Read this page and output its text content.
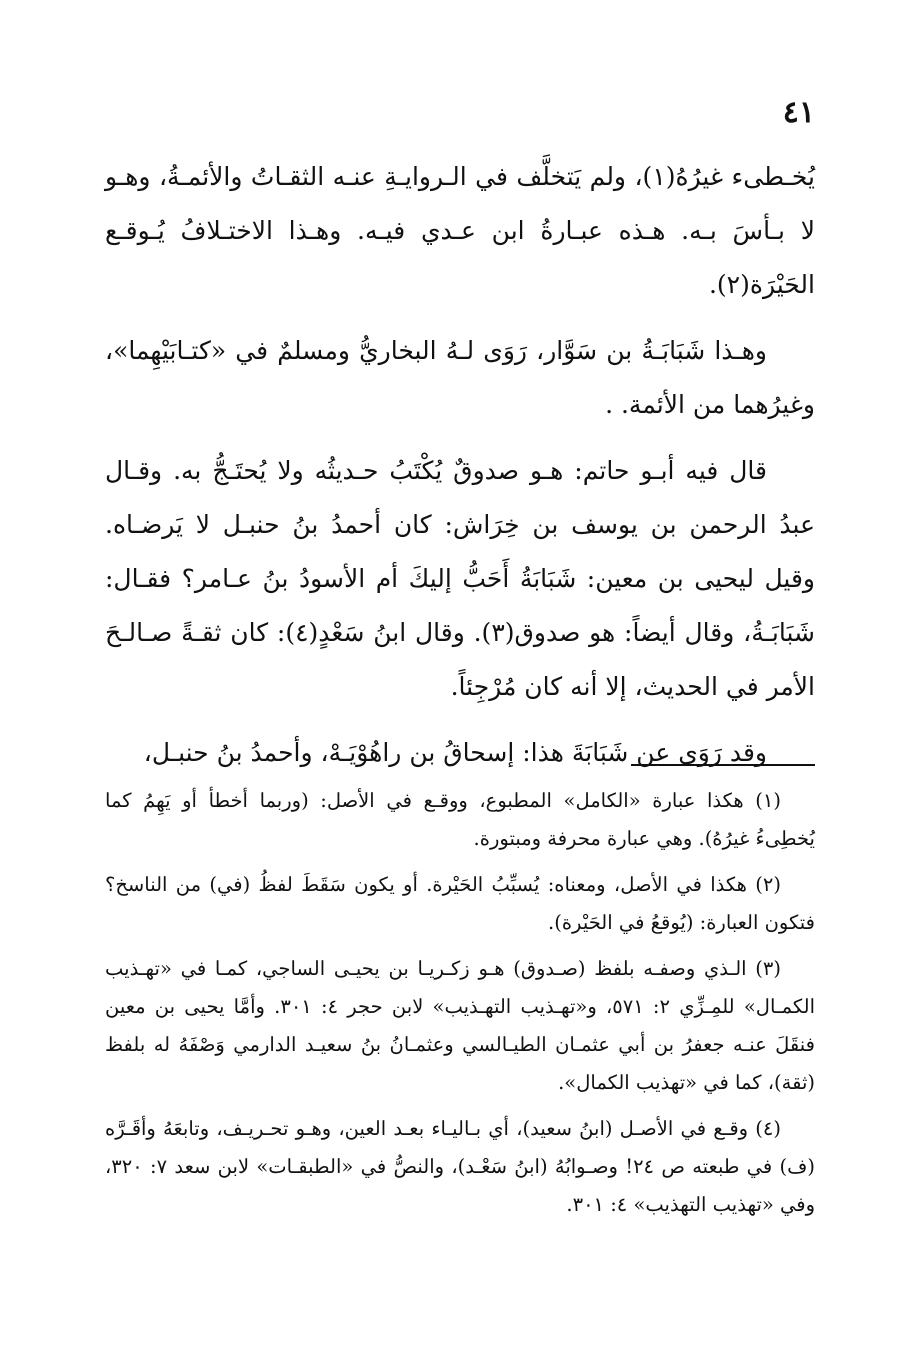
٤١

يُخـطىء غيرُهُ(١)، ولم يَتخلَّف في الـروايـةِ عنـه الثقـاتُ والأئمـةُ، وهـو لا بـأسَ بـه. هـذه عبـارةُ ابن عـدي فيـه. وهـذا الاختـلافُ يُـوقـع الحَيْرَة(٢).

وهـذا شَبَابَـةُ بن سَوَّار، رَوَى لـهُ البخاريُّ ومسلمٌ في «كتـابَيْهِما»، وغيرُهما من الأئمة. .

قال فيه أبـو حاتم: هـو صدوقٌ يُكْتَبُ حـديثُه ولا يُحتَـجُّ به. وقـال عبدُ الرحمن بن يوسف بن خِرَاش: كان أحمدُ بنُ حنبـل لا يَرضـاه. وقيل ليحيى بن معين: شَبَابَةُ أَحَبُّ إليكَ أم الأسودُ بنُ عـامر؟ فقـال: شَبَابَـةُ، وقال أيضاً: هو صدوق(٣). وقال ابنُ سَعْدٍ(٤): كان ثقـةً صـالـحَ الأمر في الحديث، إلا أنه كان مُرْجِئاً.

وقد رَوَى عن شَبَابَةَ هذا: إسحاقُ بن راهُوْيَـهْ، وأحمدُ بنُ حنبـل،

(١) هكذا عبارة «الكامل» المطبوع، ووقـع في الأصل: (وربما أخطأ أو يَهِمُ كما يُخطِىءُ غيرُهُ). وهي عبارة محرفة ومبتورة.

(٢) هكذا في الأصل، ومعناه: يُسبِّبُ الحَيْرة. أو يكون سَقَطَ لفظُ (في) من الناسخ؟ فتكون العبارة: (يُوقعُ في الحَيْرة).

(٣) الـذي وصفـه بلفظ (صـدوق) هـو زكـريـا بن يحيـى الساجي، كمـا في «تهـذيب الكمـال» للمِـزِّي ٢: ٥٧١، و«تهـذيب التهـذيب» لابن حجر ٤: ٣٠١. وأمَّا يحيى بن معين فنقَلَ عنـه جعفرُ بن أبي عثمـان الطيـالسي وعثمـانُ بنُ سعيـد الدارمي وَصْفَهُ له بلفظ (ثقة)، كما في «تهذيب الكمال».

(٤) وقـع في الأصـل (ابنُ سعيد)، أي بـاليـاء بعـد العين، وهـو تحـريـف، وتابعَهُ وأقَـرَّه (ف) في طبعته ص ٢٤! وصـوابُهُ (ابنُ سَعْـد)، والنصُّ في «الطبقـات» لابن سعد ٧: ٣٢٠، وفي «تهذيب التهذيب» ٤: ٣٠١.
